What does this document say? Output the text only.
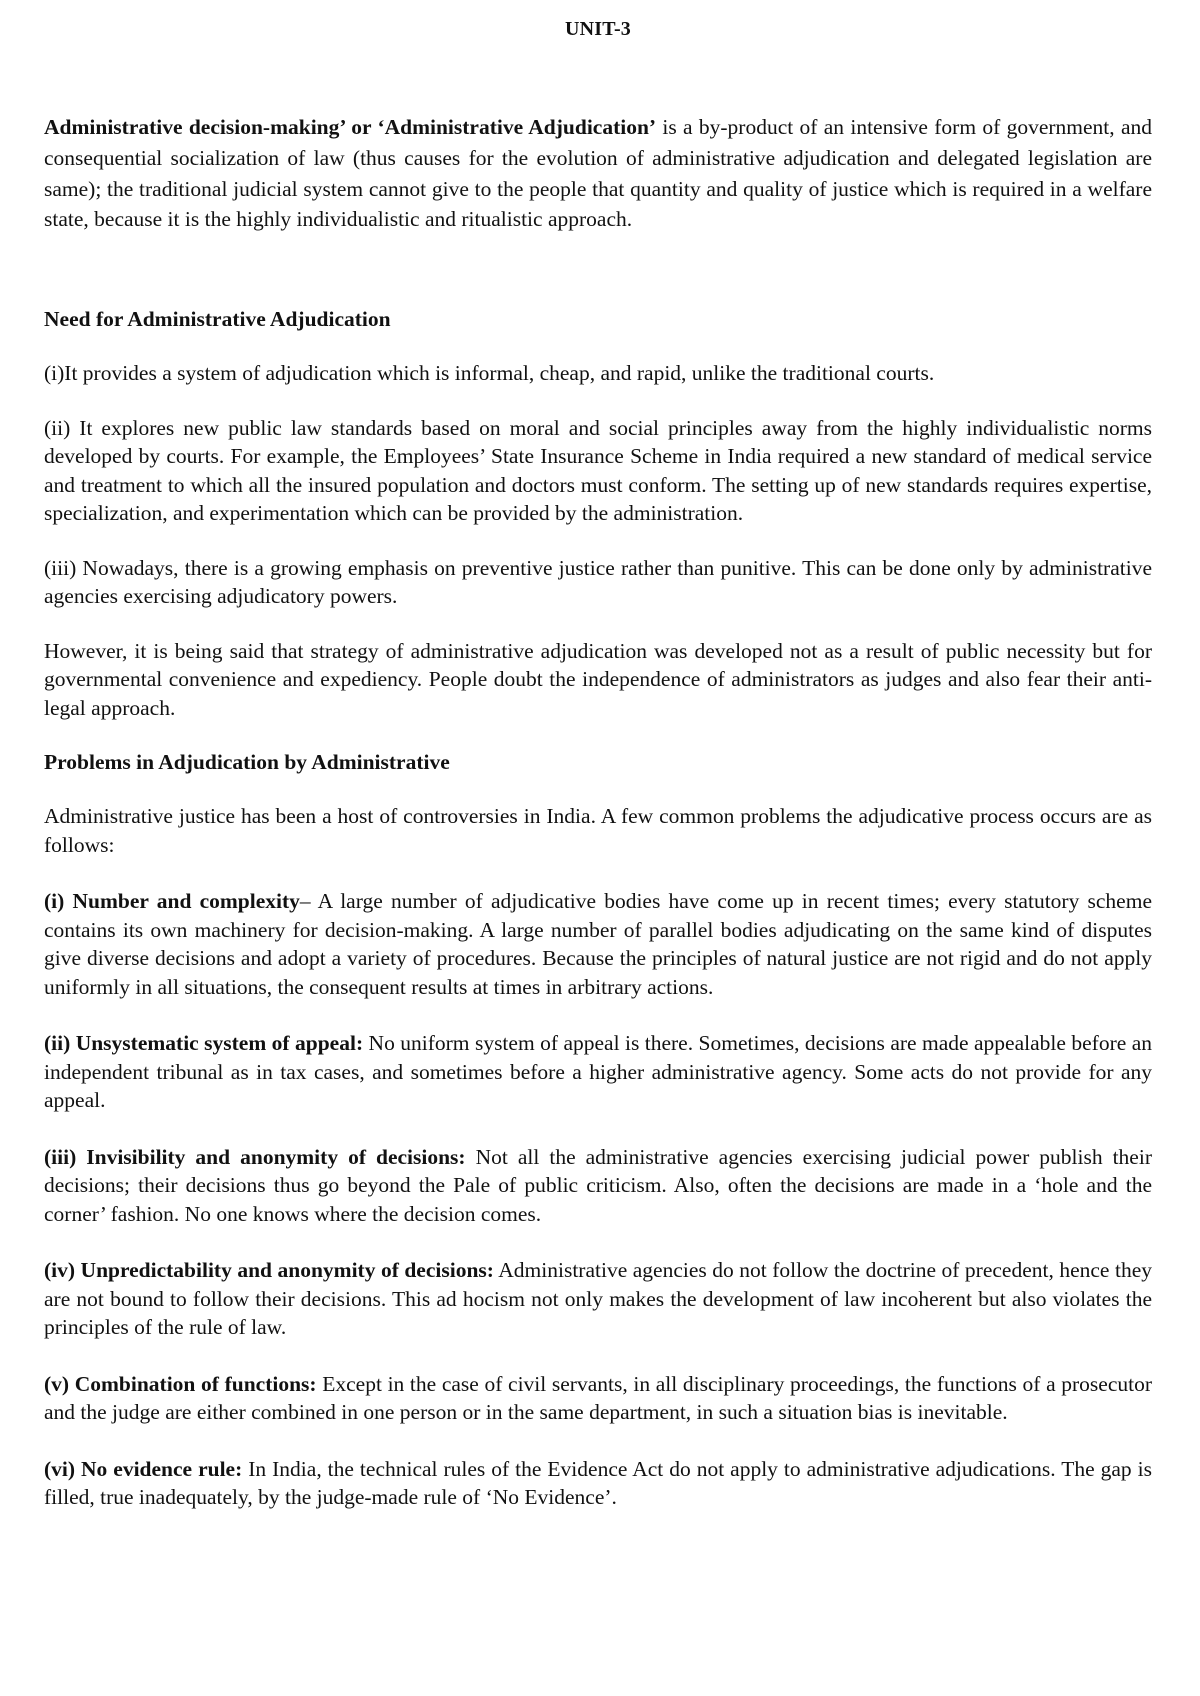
UNIT-3

Administrative decision-making’ or ‘Administrative Adjudication’ is a by-product of an intensive form of government, and consequential socialization of law (thus causes for the evolution of administrative adjudication and delegated legislation are same); the traditional judicial system cannot give to the people that quantity and quality of justice which is required in a welfare state, because it is the highly individualistic and ritualistic approach.

Need for Administrative Adjudication

(i)It provides a system of adjudication which is informal, cheap, and rapid, unlike the traditional courts.

(ii) It explores new public law standards based on moral and social principles away from the highly individualistic norms developed by courts. For example, the Employees’ State Insurance Scheme in India required a new standard of medical service and treatment to which all the insured population and doctors must conform. The setting up of new standards requires expertise, specialization, and experimentation which can be provided by the administration.

(iii) Nowadays, there is a growing emphasis on preventive justice rather than punitive. This can be done only by administrative agencies exercising adjudicatory powers.

However, it is being said that strategy of administrative adjudication was developed not as a result of public necessity but for governmental convenience and expediency. People doubt the independence of administrators as judges and also fear their anti-legal approach.

Problems in Adjudication by Administrative

Administrative justice has been a host of controversies in India. A few common problems the adjudicative process occurs are as follows:

(i) Number and complexity– A large number of adjudicative bodies have come up in recent times; every statutory scheme contains its own machinery for decision-making. A large number of parallel bodies adjudicating on the same kind of disputes give diverse decisions and adopt a variety of procedures. Because the principles of natural justice are not rigid and do not apply uniformly in all situations, the consequent results at times in arbitrary actions.

(ii) Unsystematic system of appeal: No uniform system of appeal is there. Sometimes, decisions are made appealable before an independent tribunal as in tax cases, and sometimes before a higher administrative agency. Some acts do not provide for any appeal.

(iii) Invisibility and anonymity of decisions: Not all the administrative agencies exercising judicial power publish their decisions; their decisions thus go beyond the Pale of public criticism. Also, often the decisions are made in a ‘hole and the corner’ fashion. No one knows where the decision comes.

(iv) Unpredictability and anonymity of decisions: Administrative agencies do not follow the doctrine of precedent, hence they are not bound to follow their decisions. This ad hocism not only makes the development of law incoherent but also violates the principles of the rule of law.

(v) Combination of functions: Except in the case of civil servants, in all disciplinary proceedings, the functions of a prosecutor and the judge are either combined in one person or in the same department, in such a situation bias is inevitable.

(vi) No evidence rule: In India, the technical rules of the Evidence Act do not apply to administrative adjudications. The gap is filled, true inadequately, by the judge-made rule of ‘No Evidence’.
